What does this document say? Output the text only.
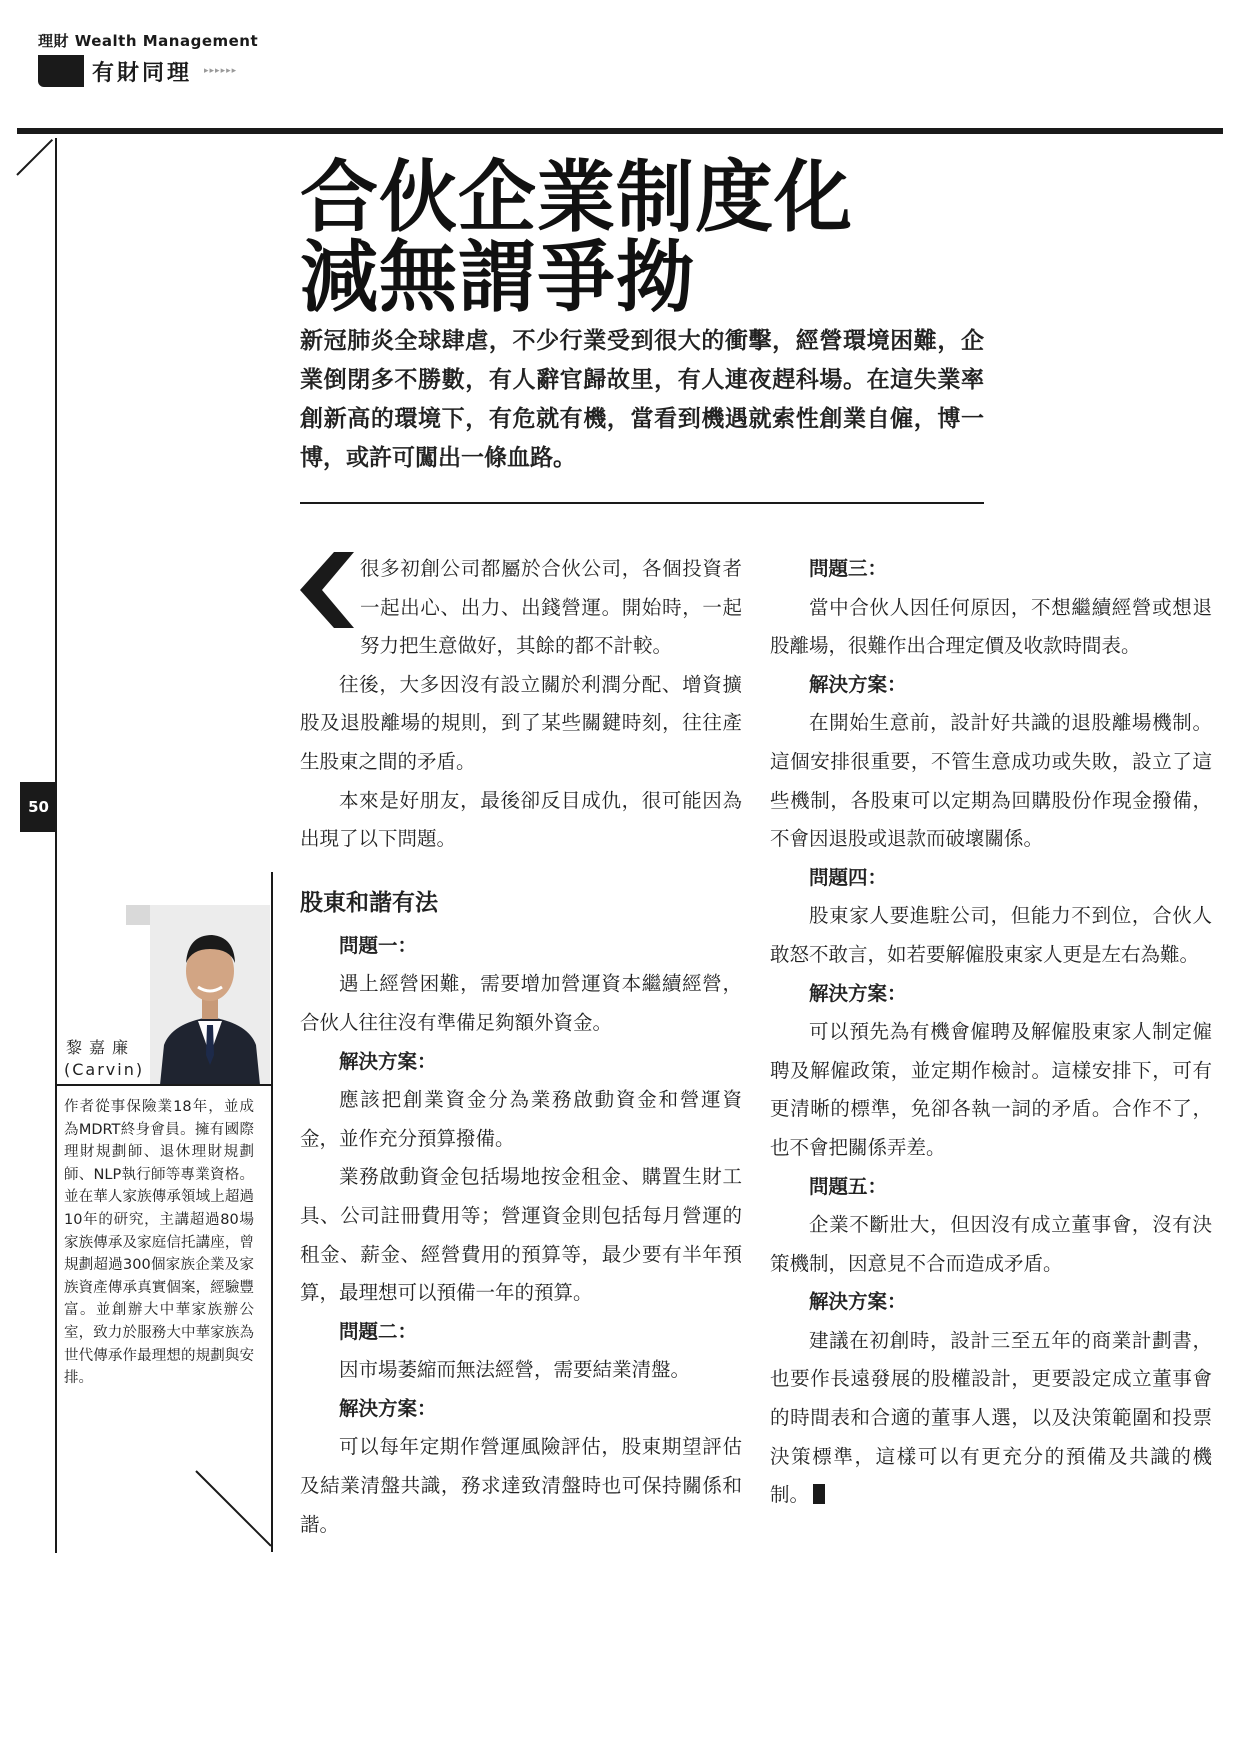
理財 Wealth Management
有財同理 ▸▸▸▸▸▸
50
合伙企業制度化
減無謂爭拗
新冠肺炎全球肆虐，不少行業受到很大的衝擊，經營環境困難，企業倒閉多不勝數，有人辭官歸故里，有人連夜趕科場。在這失業率創新高的環境下，有危就有機，當看到機遇就索性創業自僱，博一博，或許可闖出一條血路。
黎嘉廉
(Carvin)
作者從事保險業18年，並成為MDRT終身會員。擁有國際理財規劃師、退休理財規劃師、NLP執行師等專業資格。並在華人家族傳承領域上超過10年的研究，主講超過80場家族傳承及家庭信托講座，曾規劃超過300個家族企業及家族資產傳承真實個案，經驗豐富。並創辦大中華家族辦公室，致力於服務大中華家族為世代傳承作最理想的規劃與安排。

很多初創公司都屬於合伙公司，各個投資者一起出心、出力、出錢營運。開始時，一起努力把生意做好，其餘的都不計較。

往後，大多因沒有設立關於利潤分配、增資擴股及退股離場的規則，到了某些關鍵時刻，往往產生股東之間的矛盾。

本來是好朋友，最後卻反目成仇，很可能因為出現了以下問題。

股東和諧有法

問題一：

遇上經營困難，需要增加營運資本繼續經營，合伙人往往沒有準備足夠額外資金。

解決方案：

應該把創業資金分為業務啟動資金和營運資金，並作充分預算撥備。

業務啟動資金包括場地按金租金、購置生財工具、公司註冊費用等；營運資金則包括每月營運的租金、薪金、經營費用的預算等，最少要有半年預算，最理想可以預備一年的預算。

問題二：

因市場萎縮而無法經營，需要結業清盤。

解決方案：

可以每年定期作營運風險評估，股東期望評估及結業清盤共識，務求達致清盤時也可保持關係和諧。

問題三：

當中合伙人因任何原因，不想繼續經營或想退股離場，很難作出合理定價及收款時間表。

解決方案：

在開始生意前，設計好共識的退股離場機制。這個安排很重要，不管生意成功或失敗，設立了這些機制，各股東可以定期為回購股份作現金撥備，不會因退股或退款而破壞關係。

問題四：

股東家人要進駐公司，但能力不到位，合伙人敢怒不敢言，如若要解僱股東家人更是左右為難。

解決方案：

可以預先為有機會僱聘及解僱股東家人制定僱聘及解僱政策，並定期作檢討。這樣安排下，可有更清晰的標準，免卻各執一詞的矛盾。合作不了，也不會把關係弄差。

問題五：

企業不斷壯大，但因沒有成立董事會，沒有決策機制，因意見不合而造成矛盾。

解決方案：

建議在初創時，設計三至五年的商業計劃書，也要作長遠發展的股權設計，更要設定成立董事會的時間表和合適的董事人選，以及決策範圍和投票決策標準，這樣可以有更充分的預備及共識的機制。
